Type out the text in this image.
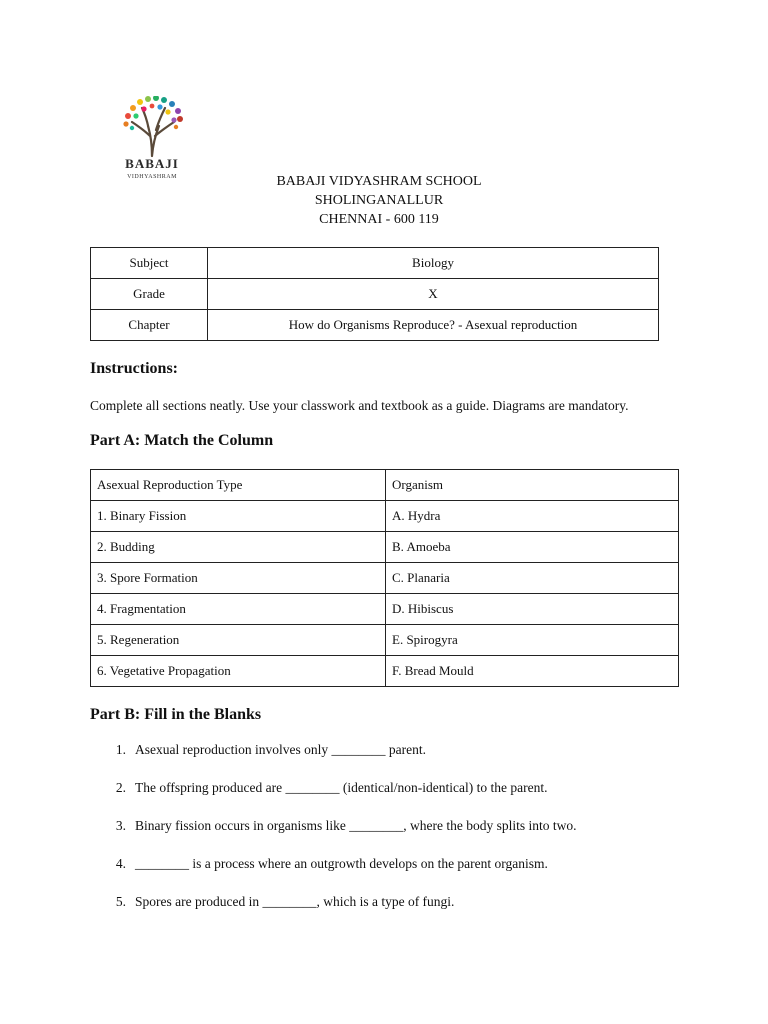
BABAJI
VIDHYASHRAM	BABAJI VIDYASHRAM SCHOOL
SHOLINGANALLUR
CHENNAI - 600 119
Subject	Biology
Grade	X
Chapter	How do Organisms Reproduce? - Asexual reproduction
Instructions:
Complete all sections neatly. Use your classwork and textbook as a guide. Diagrams are mandatory.
Part A: Match the Column
Asexual Reproduction Type	Organism
1. Binary Fission	A. Hydra
2. Budding	B. Amoeba
3. Spore Formation	C. Planaria
4. Fragmentation	D. Hibiscus
5. Regeneration	E. Spirogyra
6. Vegetative Propagation	F. Bread Mould
Part B: Fill in the Blanks
1. Asexual reproduction involves only ________ parent.
2. The offspring produced are ________ (identical/non-identical) to the parent.
3. Binary fission occurs in organisms like ________, where the body splits into two.
4. ________ is a process where an outgrowth develops on the parent organism.
5. Spores are produced in ________, which is a type of fungi.
